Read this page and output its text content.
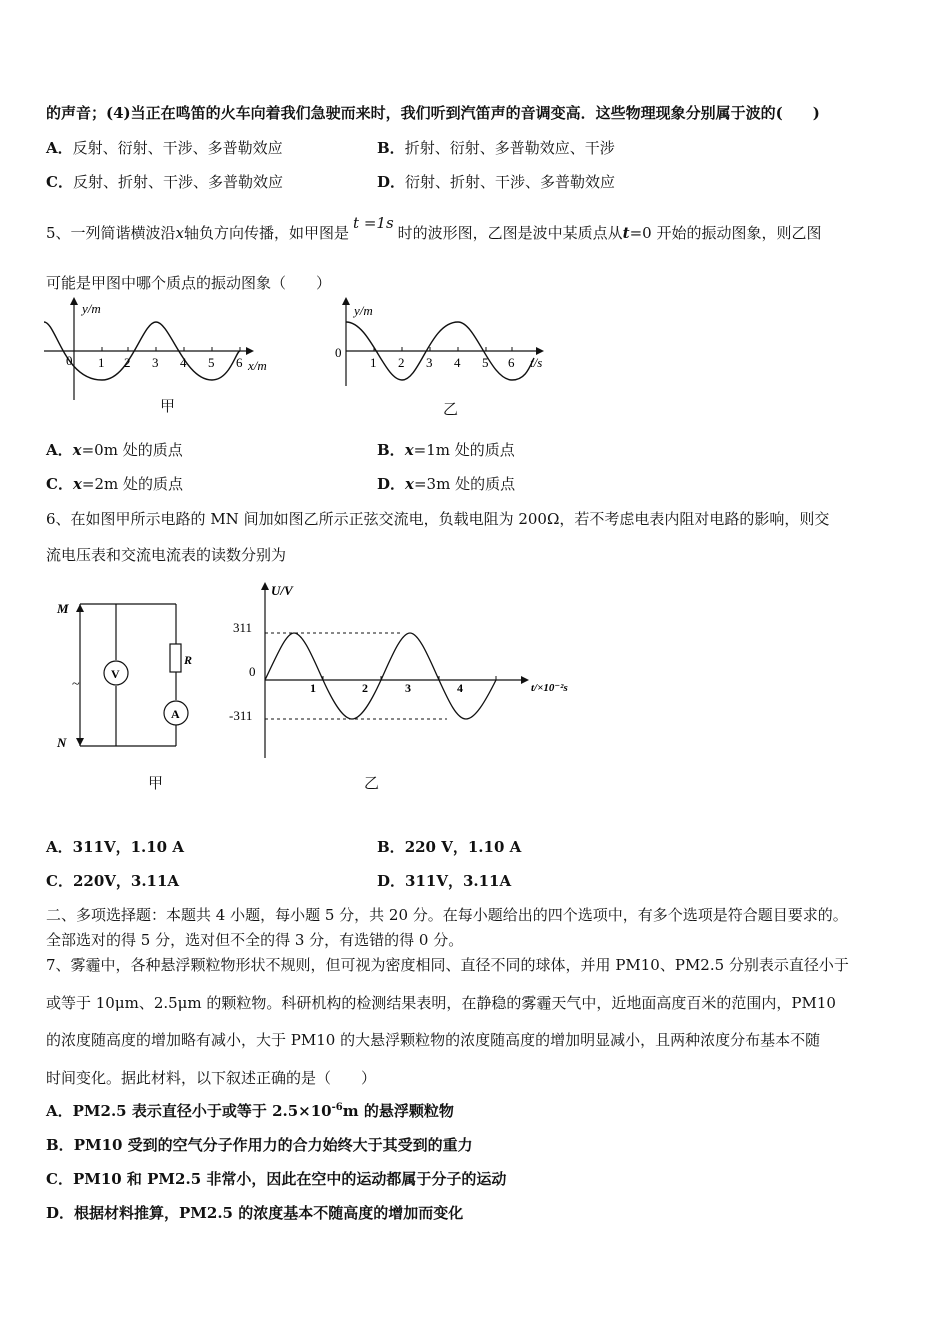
的声音；(4)当正在鸣笛的火车向着我们急驶而来时，我们听到汽笛声的音调变高．这些物理现象分别属于波的(　　)
A．反射、衍射、干涉、多普勒效应	B．折射、衍射、多普勒效应、干涉
C．反射、折射、干涉、多普勒效应	D．衍射、折射、干涉、多普勒效应
5、一列简谐横波沿x轴负方向传播，如甲图是t =1s时的波形图，乙图是波中某质点从t=0 开始的振动图象，则乙图
可能是甲图中哪个质点的振动图象（　　）
y/m
0 1 2 3 4 5 6 x/m
甲
y/m
0
1 2 3 4 5 6 t/s
乙
A．x=0m 处的质点	B．x=1m 处的质点
C．x=2m 处的质点	D．x=3m 处的质点
6、在如图甲所示电路的 MN 间加如图乙所示正弦交流电，负载电阻为 200Ω，若不考虑电表内阻对电路的影响，则交
流电压表和交流电流表的读数分别为
M
N
~
V
A
R
甲
U/V
311
0
-311
1	2	3	4	t/×10⁻²s
乙
A．311V，1.10 A	B．220 V，1.10 A
C．220V，3.11A	D．311V，3.11A
二、多项选择题：本题共 4 小题，每小题 5 分，共 20 分。在每小题给出的四个选项中，有多个选项是符合题目要求的。
全部选对的得 5 分，选对但不全的得 3 分，有选错的得 0 分。
7、雾霾中，各种悬浮颗粒物形状不规则，但可视为密度相同、直径不同的球体，并用 PM10、PM2.5 分别表示直径小于
或等于 10μm、2.5μm 的颗粒物。科研机构的检测结果表明，在静稳的雾霾天气中，近地面高度百米的范围内，PM10
的浓度随高度的增加略有减小，大于 PM10 的大悬浮颗粒物的浓度随高度的增加明显减小，且两种浓度分布基本不随
时间变化。据此材料，以下叙述正确的是（　　）
A．PM2.5 表示直径小于或等于 $2.5\times 10^{-6}m$ 的悬浮颗粒物
B．PM10 受到的空气分子作用力的合力始终大于其受到的重力
C．PM10 和 PM2.5 非常小，因此在空中的运动都属于分子的运动
D．根据材料推算，PM2.5 的浓度基本不随高度的增加而变化
